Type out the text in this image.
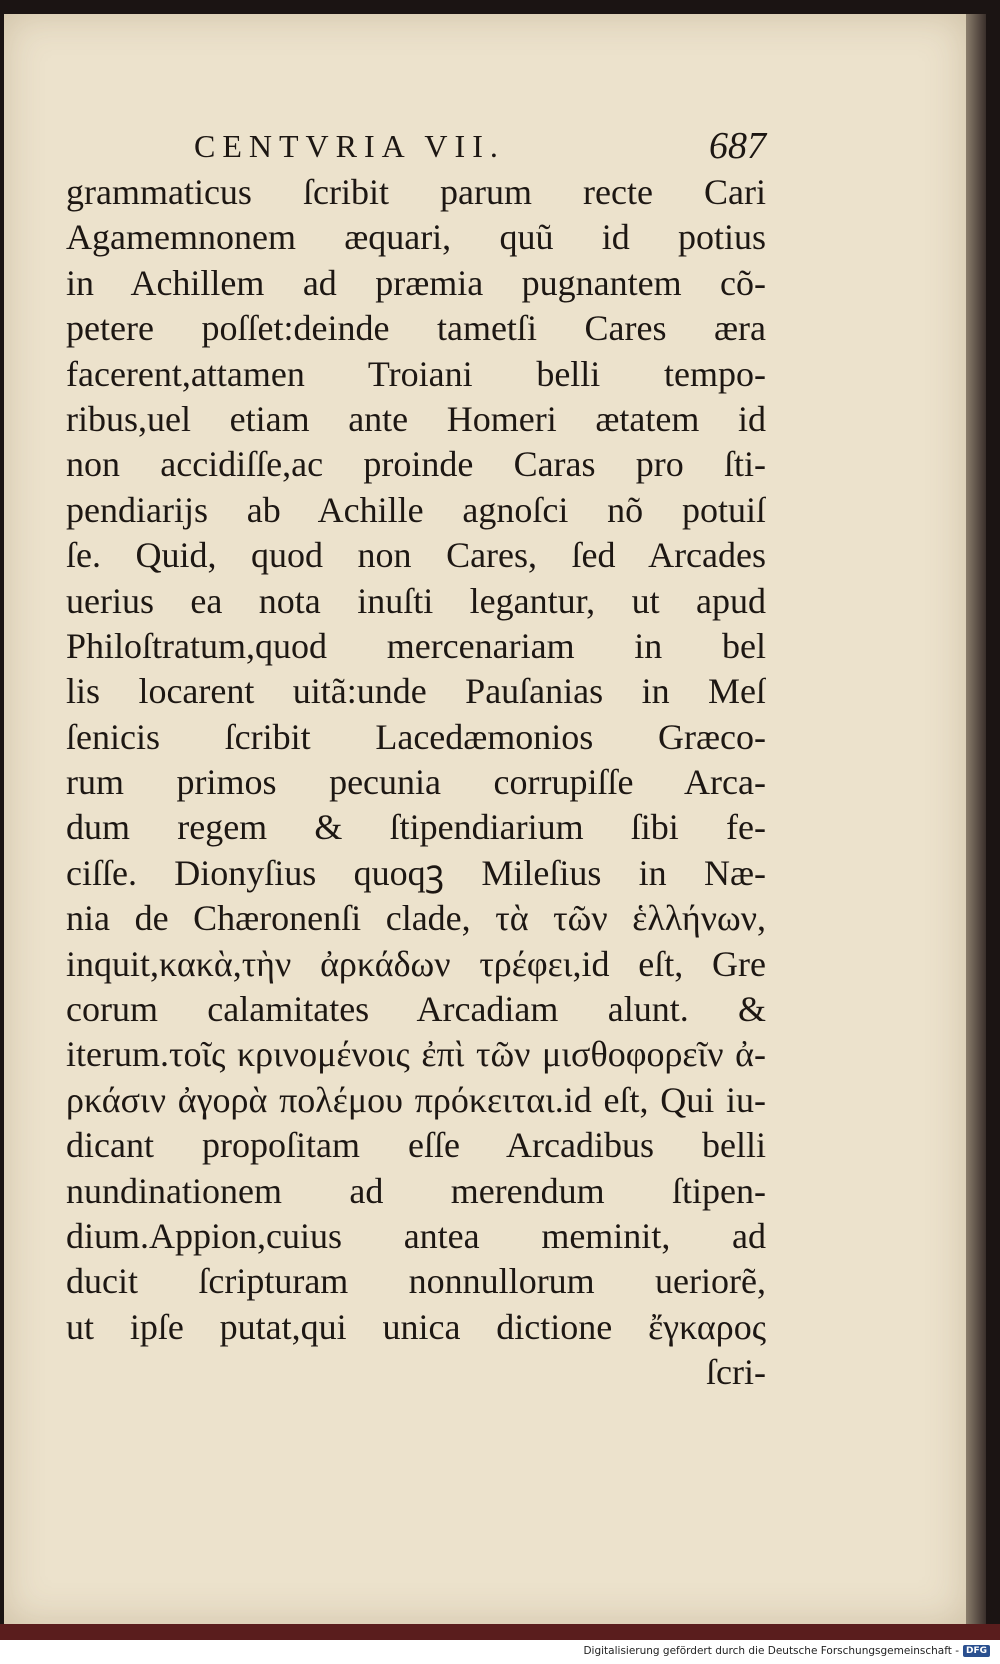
CENTVRIA VII.	687
grammaticus ſcribit parum recte Cari
Agamemnonem æquari, quũ id potius
in Achillem ad præmia pugnantem cõ-
petere poſſet:deinde tametſi Cares æra
facerent,attamen Troiani belli tempo-
ribus,uel etiam ante Homeri ætatem id
non accidiſſe,ac proinde Caras pro ſti-
pendiarijs ab Achille agnoſci nõ potuiſ
ſe. Quid, quod non Cares, ſed Arcades
uerius ea nota inuſti legantur, ut apud
Philoſtratum,quod mercenariam in bel
lis locarent uitã:unde Pauſanias in Meſ
ſenicis ſcribit Lacedæmonios Græco-
rum primos pecunia corrupiſſe Arca-
dum regem & ſtipendiarium ſibi fe-
ciſſe. Dionyſius quoqꝫ Mileſius in Næ-
nia de Chæronenſi clade, τὰ τῶν ἑλλήνων,
inquit,κακὰ,τὴν ἀρκάδων τρέφει,id eſt, Gre
corum calamitates Arcadiam alunt. &
iterum.τοῖς κρινομένοις ἐπὶ τῶν μισθοφορεῖν ἀ-
ρκάσιν ἀγορὰ πολέμου πρόκειται.id eſt, Qui iu-
dicant propoſitam eſſe Arcadibus belli
nundinationem ad merendum ſtipen-
dium.Appion,cuius antea meminit, ad
ducit ſcripturam nonnullorum ueriorẽ,
ut ipſe putat,qui unica dictione ἔγκαρος
ſcri-
Digitalisierung gefördert durch die Deutsche Forschungsgemeinschaft - DFG
